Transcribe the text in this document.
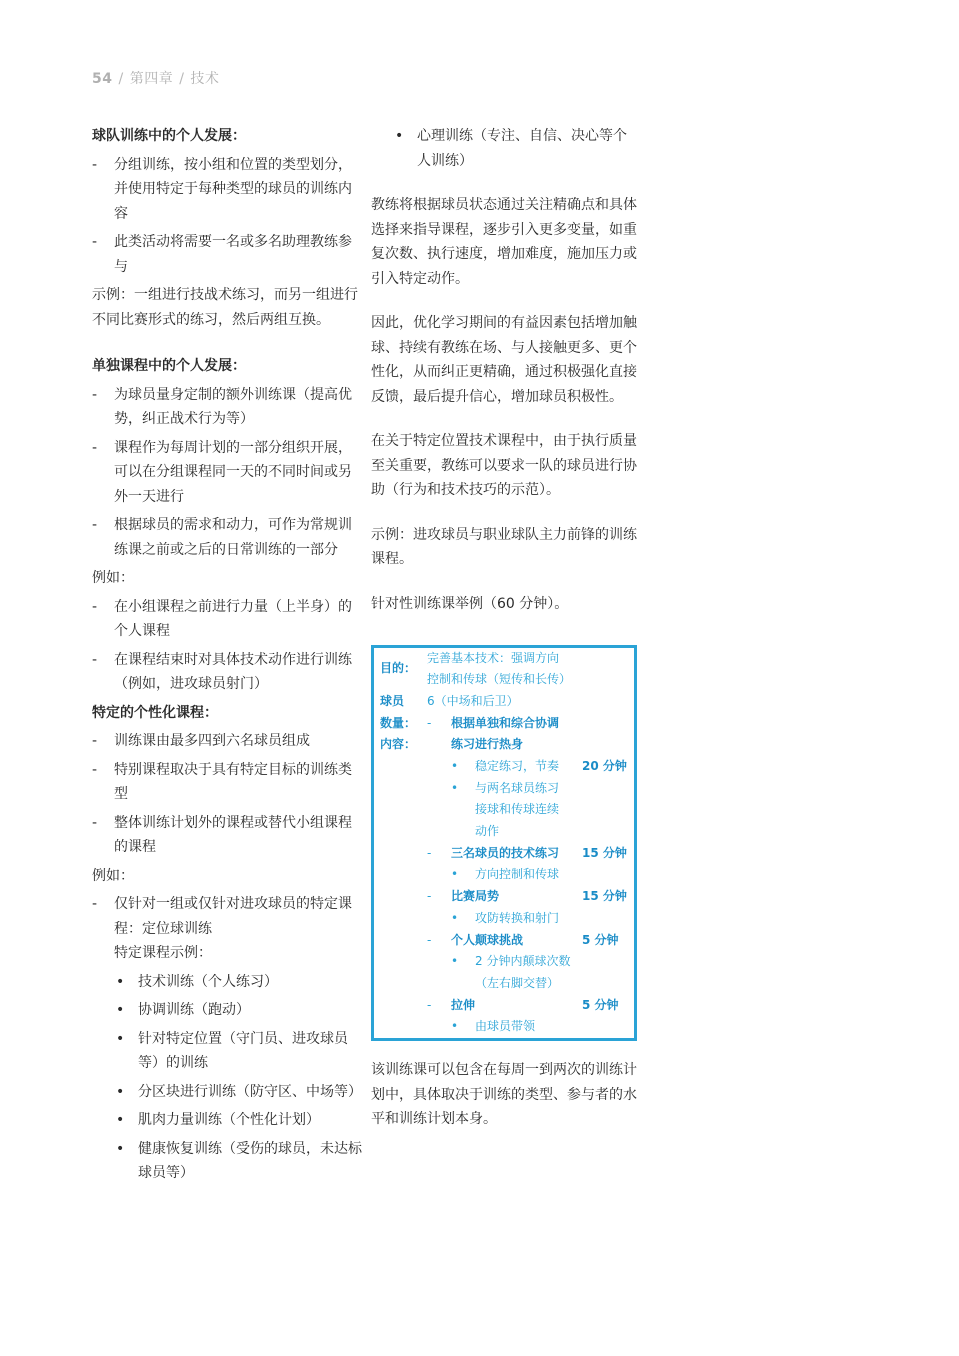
54 / 第四章 / 技术

球队训练中的个人发展：

- 分组训练，按小组和位置的类型划分，并使用特定于每种类型的球员的训练内容
- 此类活动将需要一名或多名助理教练参与

示例：一组进行技战术练习，而另一组进行不同比赛形式的练习，然后两组互换。

单独课程中的个人发展：

- 为球员量身定制的额外训练课（提高优势，纠正战术行为等）
- 课程作为每周计划的一部分组织开展，可以在分组课程同一天的不同时间或另外一天进行
- 根据球员的需求和动力，可作为常规训练课之前或之后的日常训练的一部分

例如：

- 在小组课程之前进行力量（上半身）的个人课程
- 在课程结束时对具体技术动作进行训练（例如，进攻球员射门）

特定的个性化课程：

- 训练课由最多四到六名球员组成
- 特别课程取决于具有特定目标的训练类型
- 整体训练计划外的课程或替代小组课程的课程

例如：

- 仅针对一组或仅针对进攻球员的特定课程：定位球训练
特定课程示例：
• 技术训练（个人练习）
• 协调训练（跑动）
• 针对特定位置（守门员、进攻球员等）的训练
• 分区块进行训练（防守区、中场等）
• 肌肉力量训练（个性化计划）
• 健康恢复训练（受伤的球员，未达标球员等）
• 心理训练（专注、自信、决心等个人训练）

教练将根据球员状态通过关注精确点和具体选择来指导课程，逐步引入更多变量，如重复次数、执行速度，增加难度，施加压力或引入特定动作。

因此，优化学习期间的有益因素包括增加触球、持续有教练在场、与人接触更多、更个性化，从而纠正更精确，通过积极强化直接反馈，最后提升信心，增加球员积极性。

在关于特定位置技术课程中，由于执行质量至关重要，教练可以要求一队的球员进行协助（行为和技术技巧的示范）。

示例：进攻球员与职业球队主力前锋的训练课程。

针对性训练课举例（60 分钟）。

目的：
完善基本技术：强调方向
控制和传球（短传和长传）
球员 6（中场和后卫）
数量：
内容：
- 根据单独和综合协调
练习进行热身
• 稳定练习，节奏 20 分钟
• 与两名球员练习
接球和传球连续
动作
- 三名球员的技术练习 15 分钟
• 方向控制和传球
- 比赛局势	15 分钟
• 攻防转换和射门
- 个人颠球挑战	5 分钟
• 2 分钟内颠球次数
（左右脚交替）
- 拉伸	5 分钟
• 由球员带领

该训练课可以包含在每周一到两次的训练计划中，具体取决于训练的类型、参与者的水平和训练计划本身。
